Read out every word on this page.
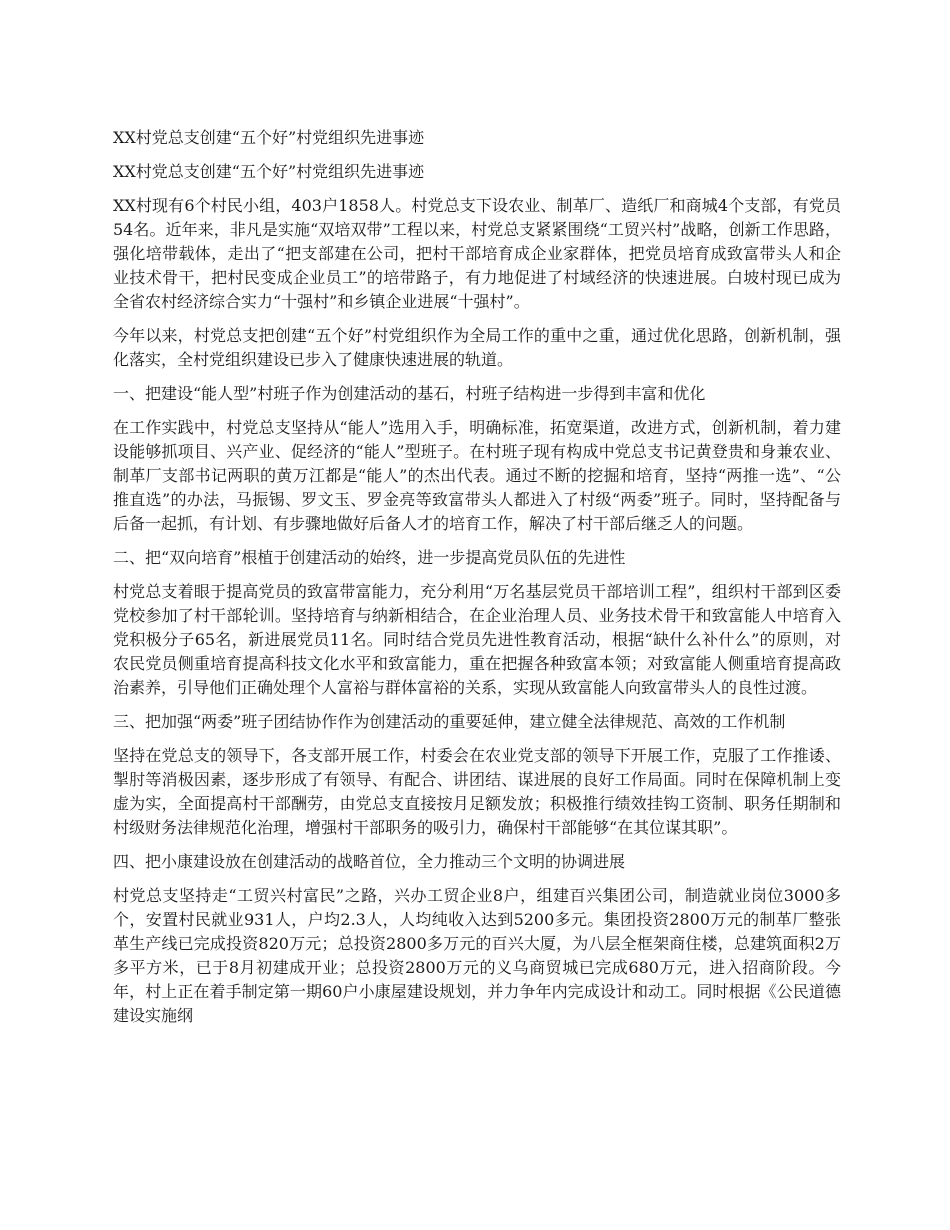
XX村党总支创建“五个好”村党组织先进事迹

XX村党总支创建“五个好”村党组织先进事迹

XX村现有6个村民小组，403户1858人。村党总支下设农业、制革厂、造纸厂和商城4个支部，有党员54名。近年来，非凡是实施“双培双带”工程以来，村党总支紧紧围绕“工贸兴村”战略，创新工作思路，强化培带载体，走出了“把支部建在公司，把村干部培育成企业家群体，把党员培育成致富带头人和企业技术骨干，把村民变成企业员工”的培带路子，有力地促进了村域经济的快速进展。白坡村现已成为全省农村经济综合实力“十强村”和乡镇企业进展“十强村”。

今年以来，村党总支把创建“五个好”村党组织作为全局工作的重中之重，通过优化思路，创新机制，强化落实，全村党组织建设已步入了健康快速进展的轨道。

一、把建设“能人型”村班子作为创建活动的基石，村班子结构进一步得到丰富和优化

在工作实践中，村党总支坚持从“能人”选用入手，明确标准，拓宽渠道，改进方式，创新机制，着力建设能够抓项目、兴产业、促经济的“能人”型班子。在村班子现有构成中党总支书记黄登贵和身兼农业、制革厂支部书记两职的黄万江都是“能人”的杰出代表。通过不断的挖掘和培育，坚持“两推一选”、“公推直选”的办法，马振锡、罗文玉、罗金亮等致富带头人都进入了村级“两委”班子。同时，坚持配备与后备一起抓，有计划、有步骤地做好后备人才的培育工作，解决了村干部后继乏人的问题。

二、把“双向培育”根植于创建活动的始终，进一步提高党员队伍的先进性

村党总支着眼于提高党员的致富带富能力，充分利用“万名基层党员干部培训工程”，组织村干部到区委党校参加了村干部轮训。坚持培育与纳新相结合，在企业治理人员、业务技术骨干和致富能人中培育入党积极分子65名，新进展党员11名。同时结合党员先进性教育活动，根据“缺什么补什么”的原则，对农民党员侧重培育提高科技文化水平和致富能力，重在把握各种致富本领；对致富能人侧重培育提高政治素养，引导他们正确处理个人富裕与群体富裕的关系，实现从致富能人向致富带头人的良性过渡。

三、把加强“两委”班子团结协作作为创建活动的重要延伸，建立健全法律规范、高效的工作机制

坚持在党总支的领导下，各支部开展工作，村委会在农业党支部的领导下开展工作，克服了工作推诿、掣肘等消极因素，逐步形成了有领导、有配合、讲团结、谋进展的良好工作局面。同时在保障机制上变虚为实，全面提高村干部酬劳，由党总支直接按月足额发放；积极推行绩效挂钩工资制、职务任期制和村级财务法律规范化治理，增强村干部职务的吸引力，确保村干部能够“在其位谋其职”。

四、把小康建设放在创建活动的战略首位，全力推动三个文明的协调进展

村党总支坚持走“工贸兴村富民”之路，兴办工贸企业8户，组建百兴集团公司，制造就业岗位3000多个，安置村民就业931人，户均2.3人，人均纯收入达到5200多元。集团投资2800万元的制革厂整张革生产线已完成投资820万元；总投资2800多万元的百兴大厦，为八层全框架商住楼，总建筑面积2万多平方米，已于8月初建成开业；总投资2800万元的义乌商贸城已完成680万元，进入招商阶段。今年，村上正在着手制定第一期60户小康屋建设规划，并力争年内完成设计和动工。同时根据《公民道德建设实施纲
